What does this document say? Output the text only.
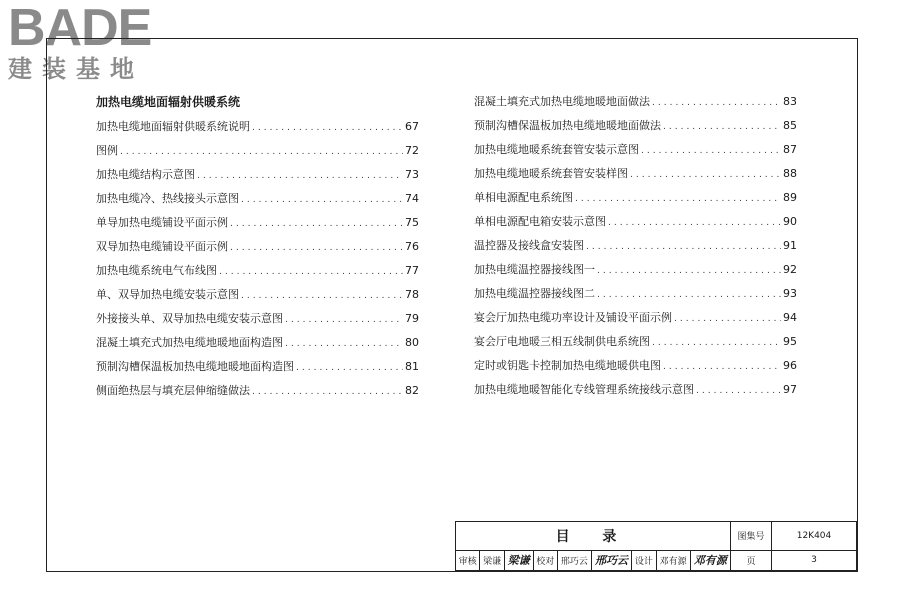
BADE
建装基地
加热电缆地面辐射供暖系统
加热电缆地面辐射供暖系统说明 .....	67
图例 .....	72
加热电缆结构示意图 .....	73
加热电缆冷、热线接头示意图 .....	74
单导加热电缆铺设平面示例 .....	75
双导加热电缆铺设平面示例 .....	76
加热电缆系统电气布线图 .....	77
单、双导加热电缆安装示意图 .....	78
外接接头单、双导加热电缆安装示意图 .....	79
混凝土填充式加热电缆地暖地面构造图 .....	80
预制沟槽保温板加热电缆地暖地面构造图 .....	81
侧面绝热层与填充层伸缩缝做法 .....	82
混凝土填充式加热电缆地暖地面做法 .....	83
预制沟槽保温板加热电缆地暖地面做法 .....	85
加热电缆地暖系统套管安装示意图 .....	87
加热电缆地暖系统套管安装样图 .....	88
单相电源配电系统图 .....	89
单相电源配电箱安装示意图 .....	90
温控器及接线盒安装图 .....	91
加热电缆温控器接线图一 .....	92
加热电缆温控器接线图二 .....	93
宴会厅加热电缆功率设计及铺设平面示例 .....	94
宴会厅电地暖三相五线制供电系统图 .....	95
定时或钥匙卡控制加热电缆地暖供电图 .....	96
加热电缆地暖智能化专线管理系统接线示意图 .....	97
目 录									图集号	12K404
审核	梁谦	梁谦	校对	邢巧云	邢巧云	设计	邓有源	邓有源	页	3
